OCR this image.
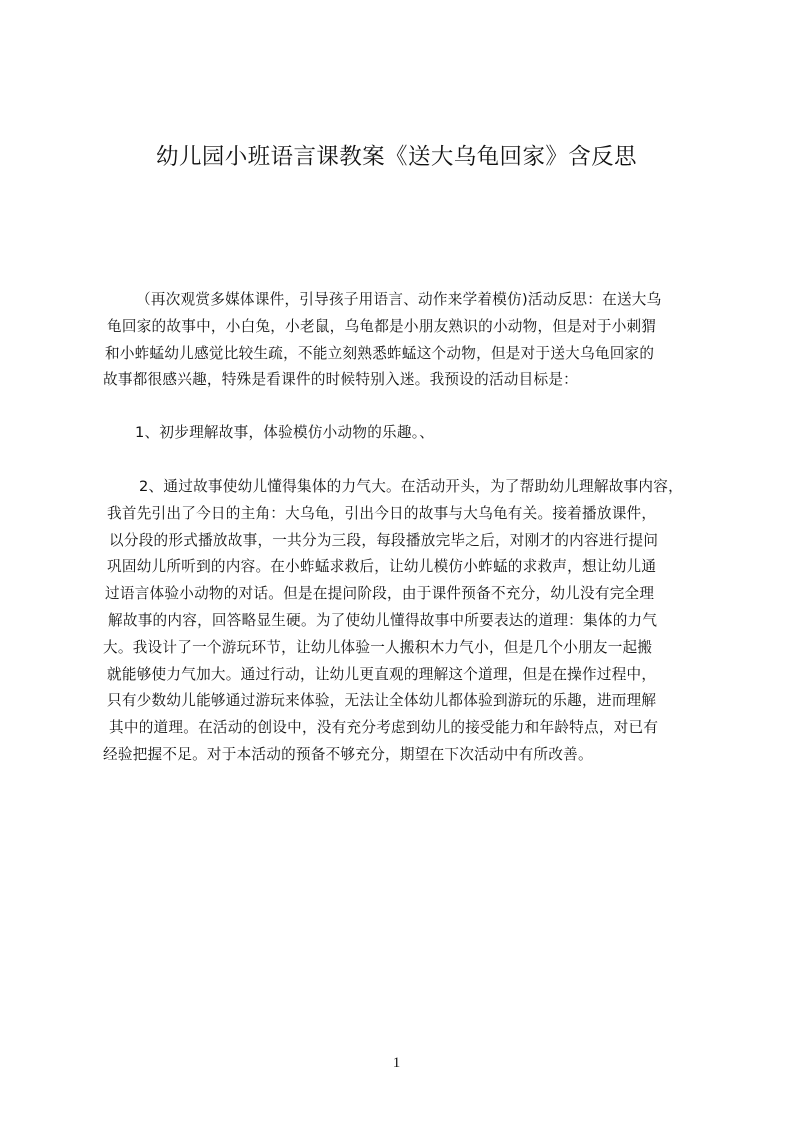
幼儿园小班语言课教案《送大乌龟回家》含反思
（再次观赏多媒体课件，引导孩子用语言、动作来学着模仿)活动反思：在送大乌
龟回家的故事中，小白兔，小老鼠，乌龟都是小朋友熟识的小动物，但是对于小刺猬
和小蚱蜢幼儿感觉比较生疏，不能立刻熟悉蚱蜢这个动物，但是对于送大乌龟回家的
故事都很感兴趣，特殊是看课件的时候特别入迷。我预设的活动目标是：
1、初步理解故事，体验模仿小动物的乐趣。、
2、通过故事使幼儿懂得集体的力气大。在活动开头，为了帮助幼儿理解故事内容，
我首先引出了今日的主角：大乌龟，引出今日的故事与大乌龟有关。接着播放课件，
以分段的形式播放故事，一共分为三段，每段播放完毕之后，对刚才的内容进行提问
巩固幼儿所听到的内容。在小蚱蜢求救后，让幼儿模仿小蚱蜢的求救声，想让幼儿通
过语言体验小动物的对话。但是在提问阶段，由于课件预备不充分，幼儿没有完全理
解故事的内容，回答略显生硬。为了使幼儿懂得故事中所要表达的道理：集体的力气
大。我设计了一个游玩环节，让幼儿体验一人搬积木力气小，但是几个小朋友一起搬
就能够使力气加大。通过行动，让幼儿更直观的理解这个道理，但是在操作过程中，
只有少数幼儿能够通过游玩来体验，无法让全体幼儿都体验到游玩的乐趣，进而理解
其中的道理。在活动的创设中，没有充分考虑到幼儿的接受能力和年龄特点，对已有
经验把握不足。对于本活动的预备不够充分，期望在下次活动中有所改善。
1
